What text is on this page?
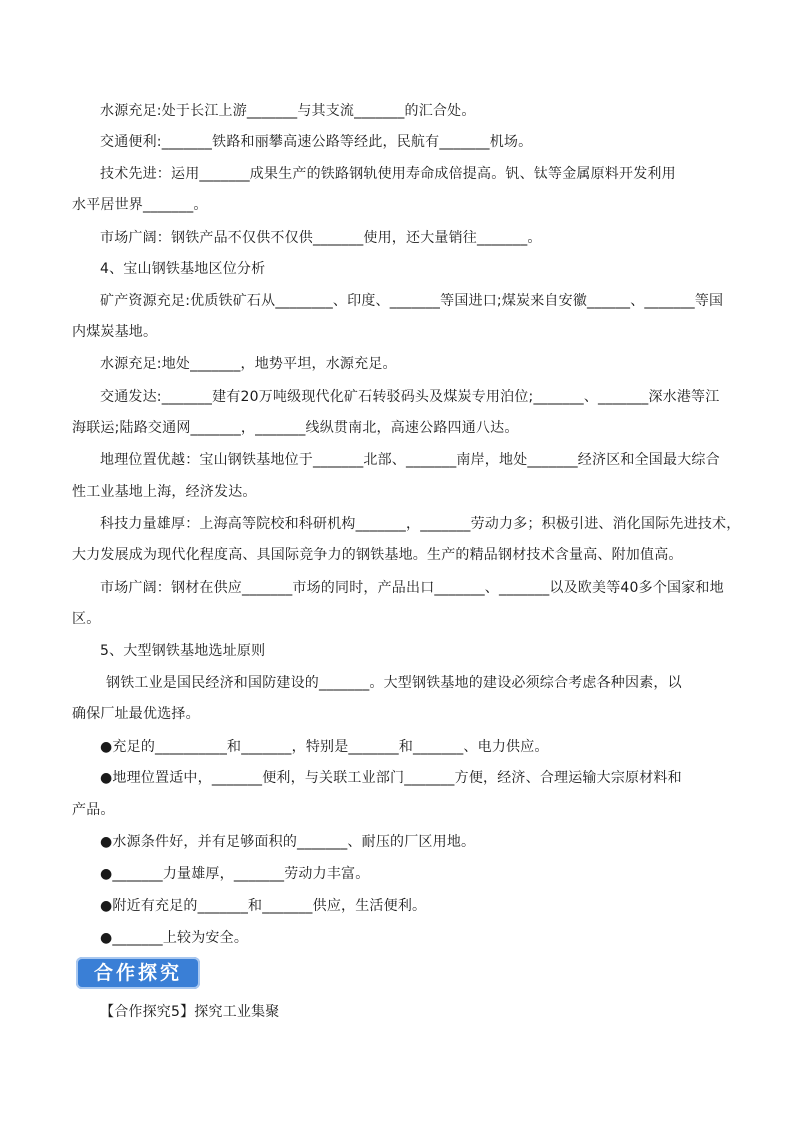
水源充足:处于长江上游_______与其支流_______的汇合处。
交通便利:_______铁路和丽攀高速公路等经此，民航有_______机场。
技术先进：运用_______成果生产的铁路钢轨使用寿命成倍提高。钒、钛等金属原料开发利用
水平居世界_______。
市场广阔：钢铁产品不仅供不仅供_______使用，还大量销往_______。
4、宝山钢铁基地区位分析
矿产资源充足:优质铁矿石从________、印度、_______等国进口;煤炭来自安徽______、_______等国
内煤炭基地。
水源充足:地处_______，地势平坦，水源充足。
交通发达:_______建有20万吨级现代化矿石转驳码头及煤炭专用泊位;_______、_______深水港等江
海联运;陆路交通网_______，_______线纵贯南北，高速公路四通八达。
地理位置优越：宝山钢铁基地位于_______北部、_______南岸，地处_______经济区和全国最大综合
性工业基地上海，经济发达。
科技力量雄厚：上海高等院校和科研机构_______，_______劳动力多；积极引进、消化国际先进技术，
大力发展成为现代化程度高、具国际竞争力的钢铁基地。生产的精品钢材技术含量高、附加值高。
市场广阔：钢材在供应_______市场的同时，产品出口_______、_______以及欧美等40多个国家和地
区。
5、大型钢铁基地选址原则
钢铁工业是国民经济和国防建设的_______。大型钢铁基地的建设必须综合考虑各种因素，以
确保厂址最优选择。
●充足的__________和_______，特别是_______和_______、电力供应。
●地理位置适中，_______便利，与关联工业部门_______方便，经济、合理运输大宗原材料和
产品。
●水源条件好，并有足够面积的_______、耐压的厂区用地。
●_______力量雄厚，_______劳动力丰富。
●附近有充足的_______和_______供应，生活便利。
●_______上较为安全。
合作探究
【合作探究5】探究工业集聚
